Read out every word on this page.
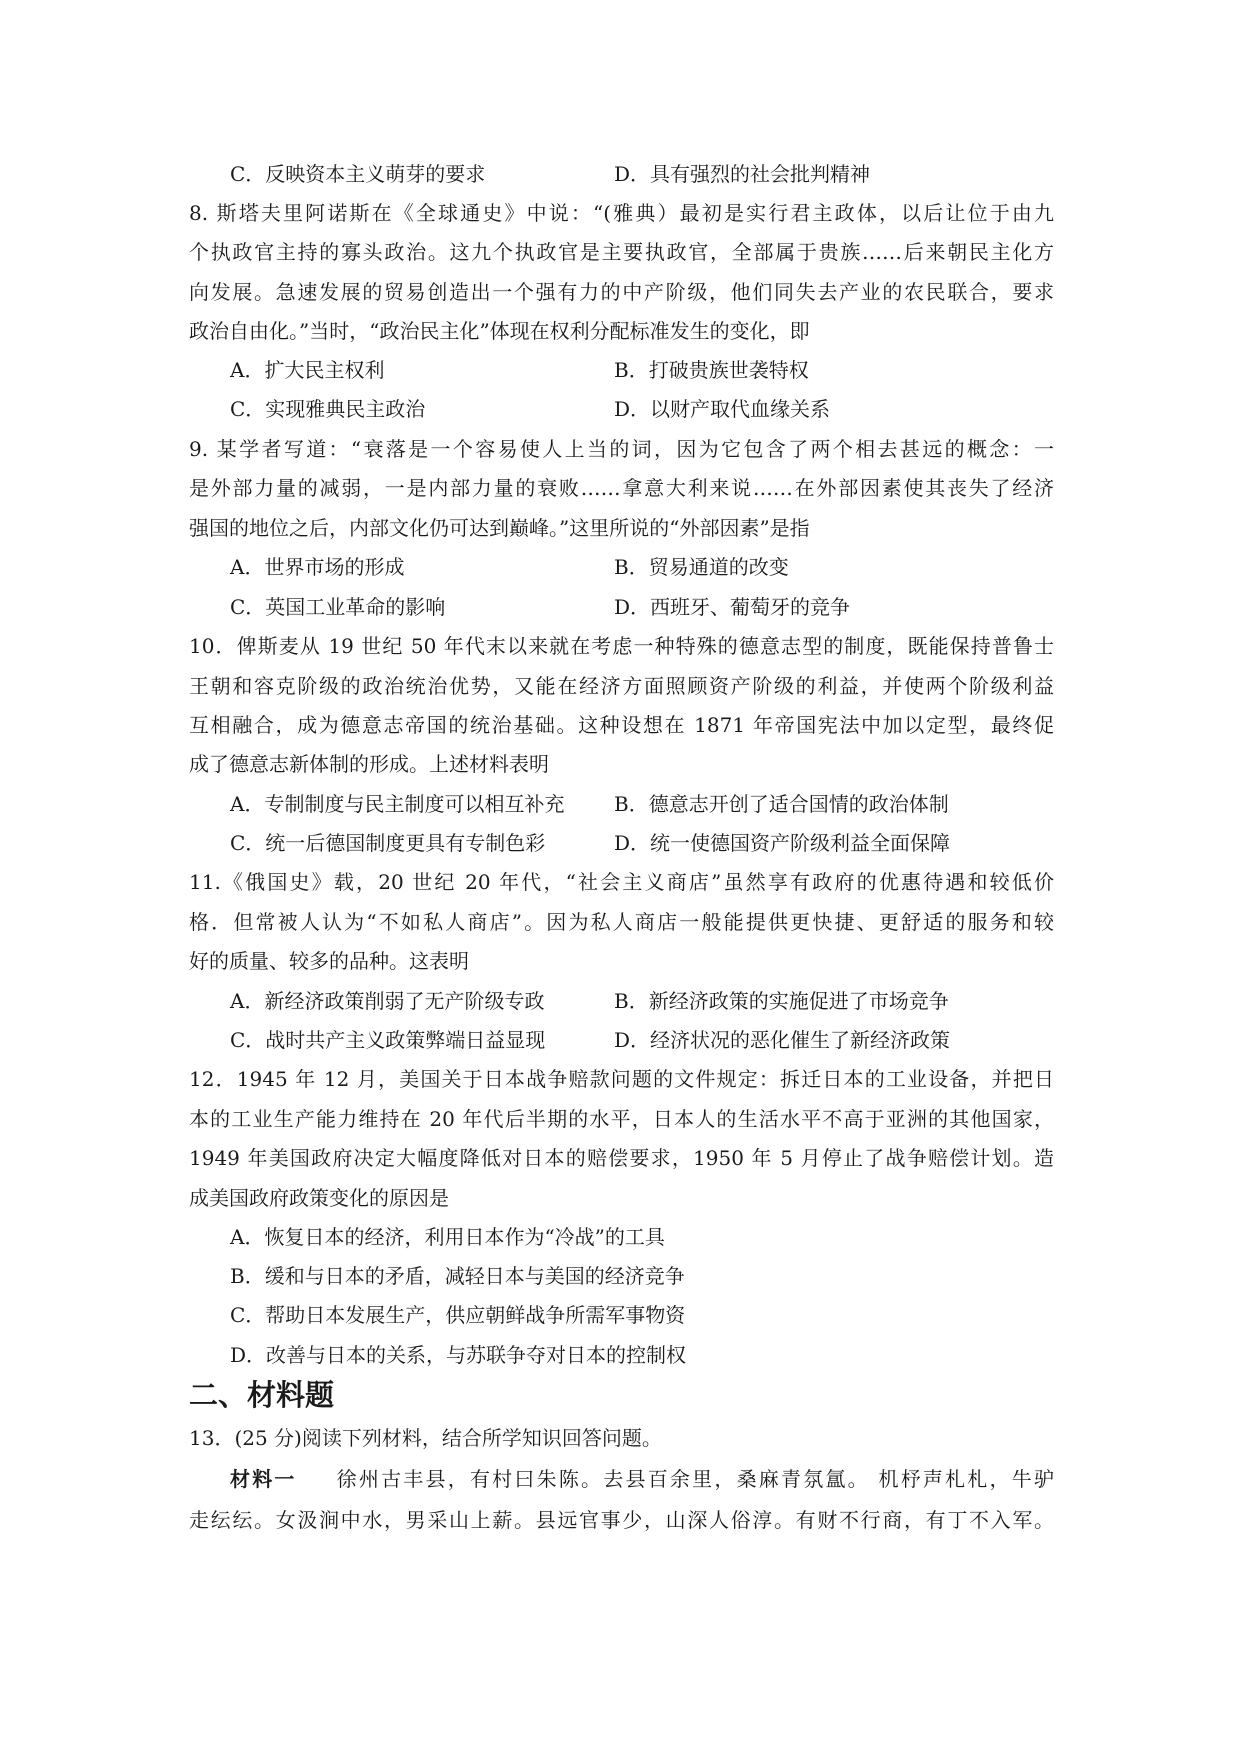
C．反映资本主义萌芽的要求	D．具有强烈的社会批判精神
8. 斯塔夫里阿诺斯在《全球通史》中说：“(雅典）最初是实行君主政体，以后让位于由九
个执政官主持的寡头政治。这九个执政官是主要执政官，全部属于贵族……后来朝民主化方
向发展。急速发展的贸易创造出一个强有力的中产阶级，他们同失去产业的农民联合，要求
政治自由化。”当时，“政治民主化”体现在权利分配标准发生的变化，即
A．扩大民主权利	B．打破贵族世袭特权
C．实现雅典民主政治	D．以财产取代血缘关系
9. 某学者写道：“衰落是一个容易使人上当的词，因为它包含了两个相去甚远的概念：一
是外部力量的减弱，一是内部力量的衰败……拿意大利来说……在外部因素使其丧失了经济
强国的地位之后，内部文化仍可达到巅峰。”这里所说的“外部因素”是指
A．世界市场的形成	B．贸易通道的改变
C．英国工业革命的影响	D．西班牙、葡萄牙的竞争
10．俾斯麦从 19 世纪 50 年代末以来就在考虑一种特殊的德意志型的制度，既能保持普鲁士
王朝和容克阶级的政治统治优势，又能在经济方面照顾资产阶级的利益，并使两个阶级利益
互相融合，成为德意志帝国的统治基础。这种设想在 1871 年帝国宪法中加以定型，最终促
成了德意志新体制的形成。上述材料表明
A．专制制度与民主制度可以相互补充 B．德意志开创了适合国情的政治体制
C．统一后德国制度更具有专制色彩	D．统一使德国资产阶级利益全面保障
11.《俄国史》载，20 世纪 20 年代，“社会主义商店”虽然享有政府的优惠待遇和较低价
格．但常被人认为“不如私人商店”。因为私人商店一般能提供更快捷、更舒适的服务和较
好的质量、较多的品种。这表明
A．新经济政策削弱了无产阶级专政	B．新经济政策的实施促进了市场竞争
C．战时共产主义政策弊端日益显现	D．经济状况的恶化催生了新经济政策
12．1945 年 12 月，美国关于日本战争赔款问题的文件规定：拆迁日本的工业设备，并把日
本的工业生产能力维持在 20 年代后半期的水平，日本人的生活水平不高于亚洲的其他国家，
1949 年美国政府决定大幅度降低对日本的赔偿要求，1950 年 5 月停止了战争赔偿计划。造
成美国政府政策变化的原因是
A．恢复日本的经济，利用日本作为“冷战”的工具
B．缓和与日本的矛盾，减轻日本与美国的经济竞争
C．帮助日本发展生产，供应朝鲜战争所需军事物资
D．改善与日本的关系，与苏联争夺对日本的控制权
二、材料题
13．(25 分)阅读下列材料，结合所学知识回答问题。
材料一 徐州古丰县，有村曰朱陈。去县百余里，桑麻青氛氲。 机杼声札札，牛驴
走纭纭。女汲涧中水，男采山上薪。县远官事少，山深人俗淳。有财不行商，有丁不入军。
